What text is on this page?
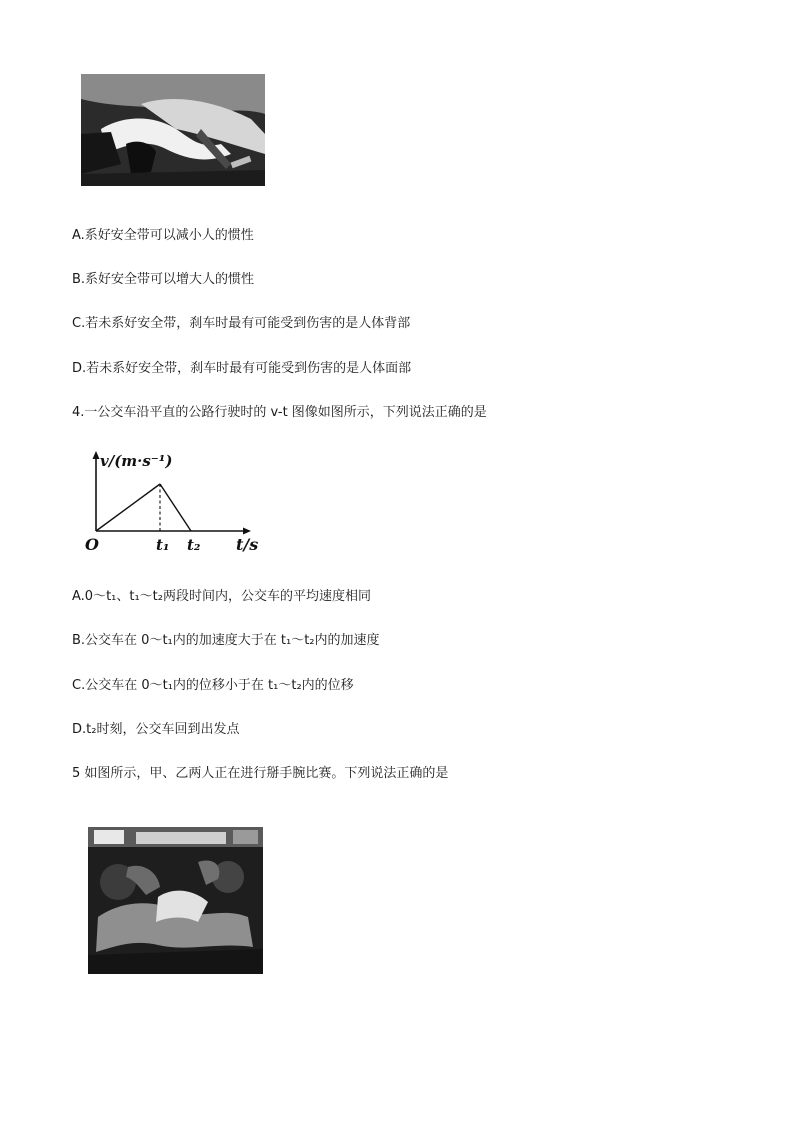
A.系好安全带可以减小人的惯性
B.系好安全带可以增大人的惯性
C.若未系好安全带，刹车时最有可能受到伤害的是人体背部
D.若未系好安全带，刹车时最有可能受到伤害的是人体面部
4.一公交车沿平直的公路行驶时的 v-t 图像如图所示，下列说法正确的是
v/(m·s⁻¹)
O	t/s
t₁ t₂
A.0～t₁、t₁～t₂两段时间内，公交车的平均速度相同
B.公交车在 0～t₁内的加速度大于在 t₁～t₂内的加速度
C.公交车在 0～t₁内的位移小于在 t₁～t₂内的位移
D.t₂时刻，公交车回到出发点
5 如图所示，甲、乙两人正在进行掰手腕比赛。下列说法正确的是
